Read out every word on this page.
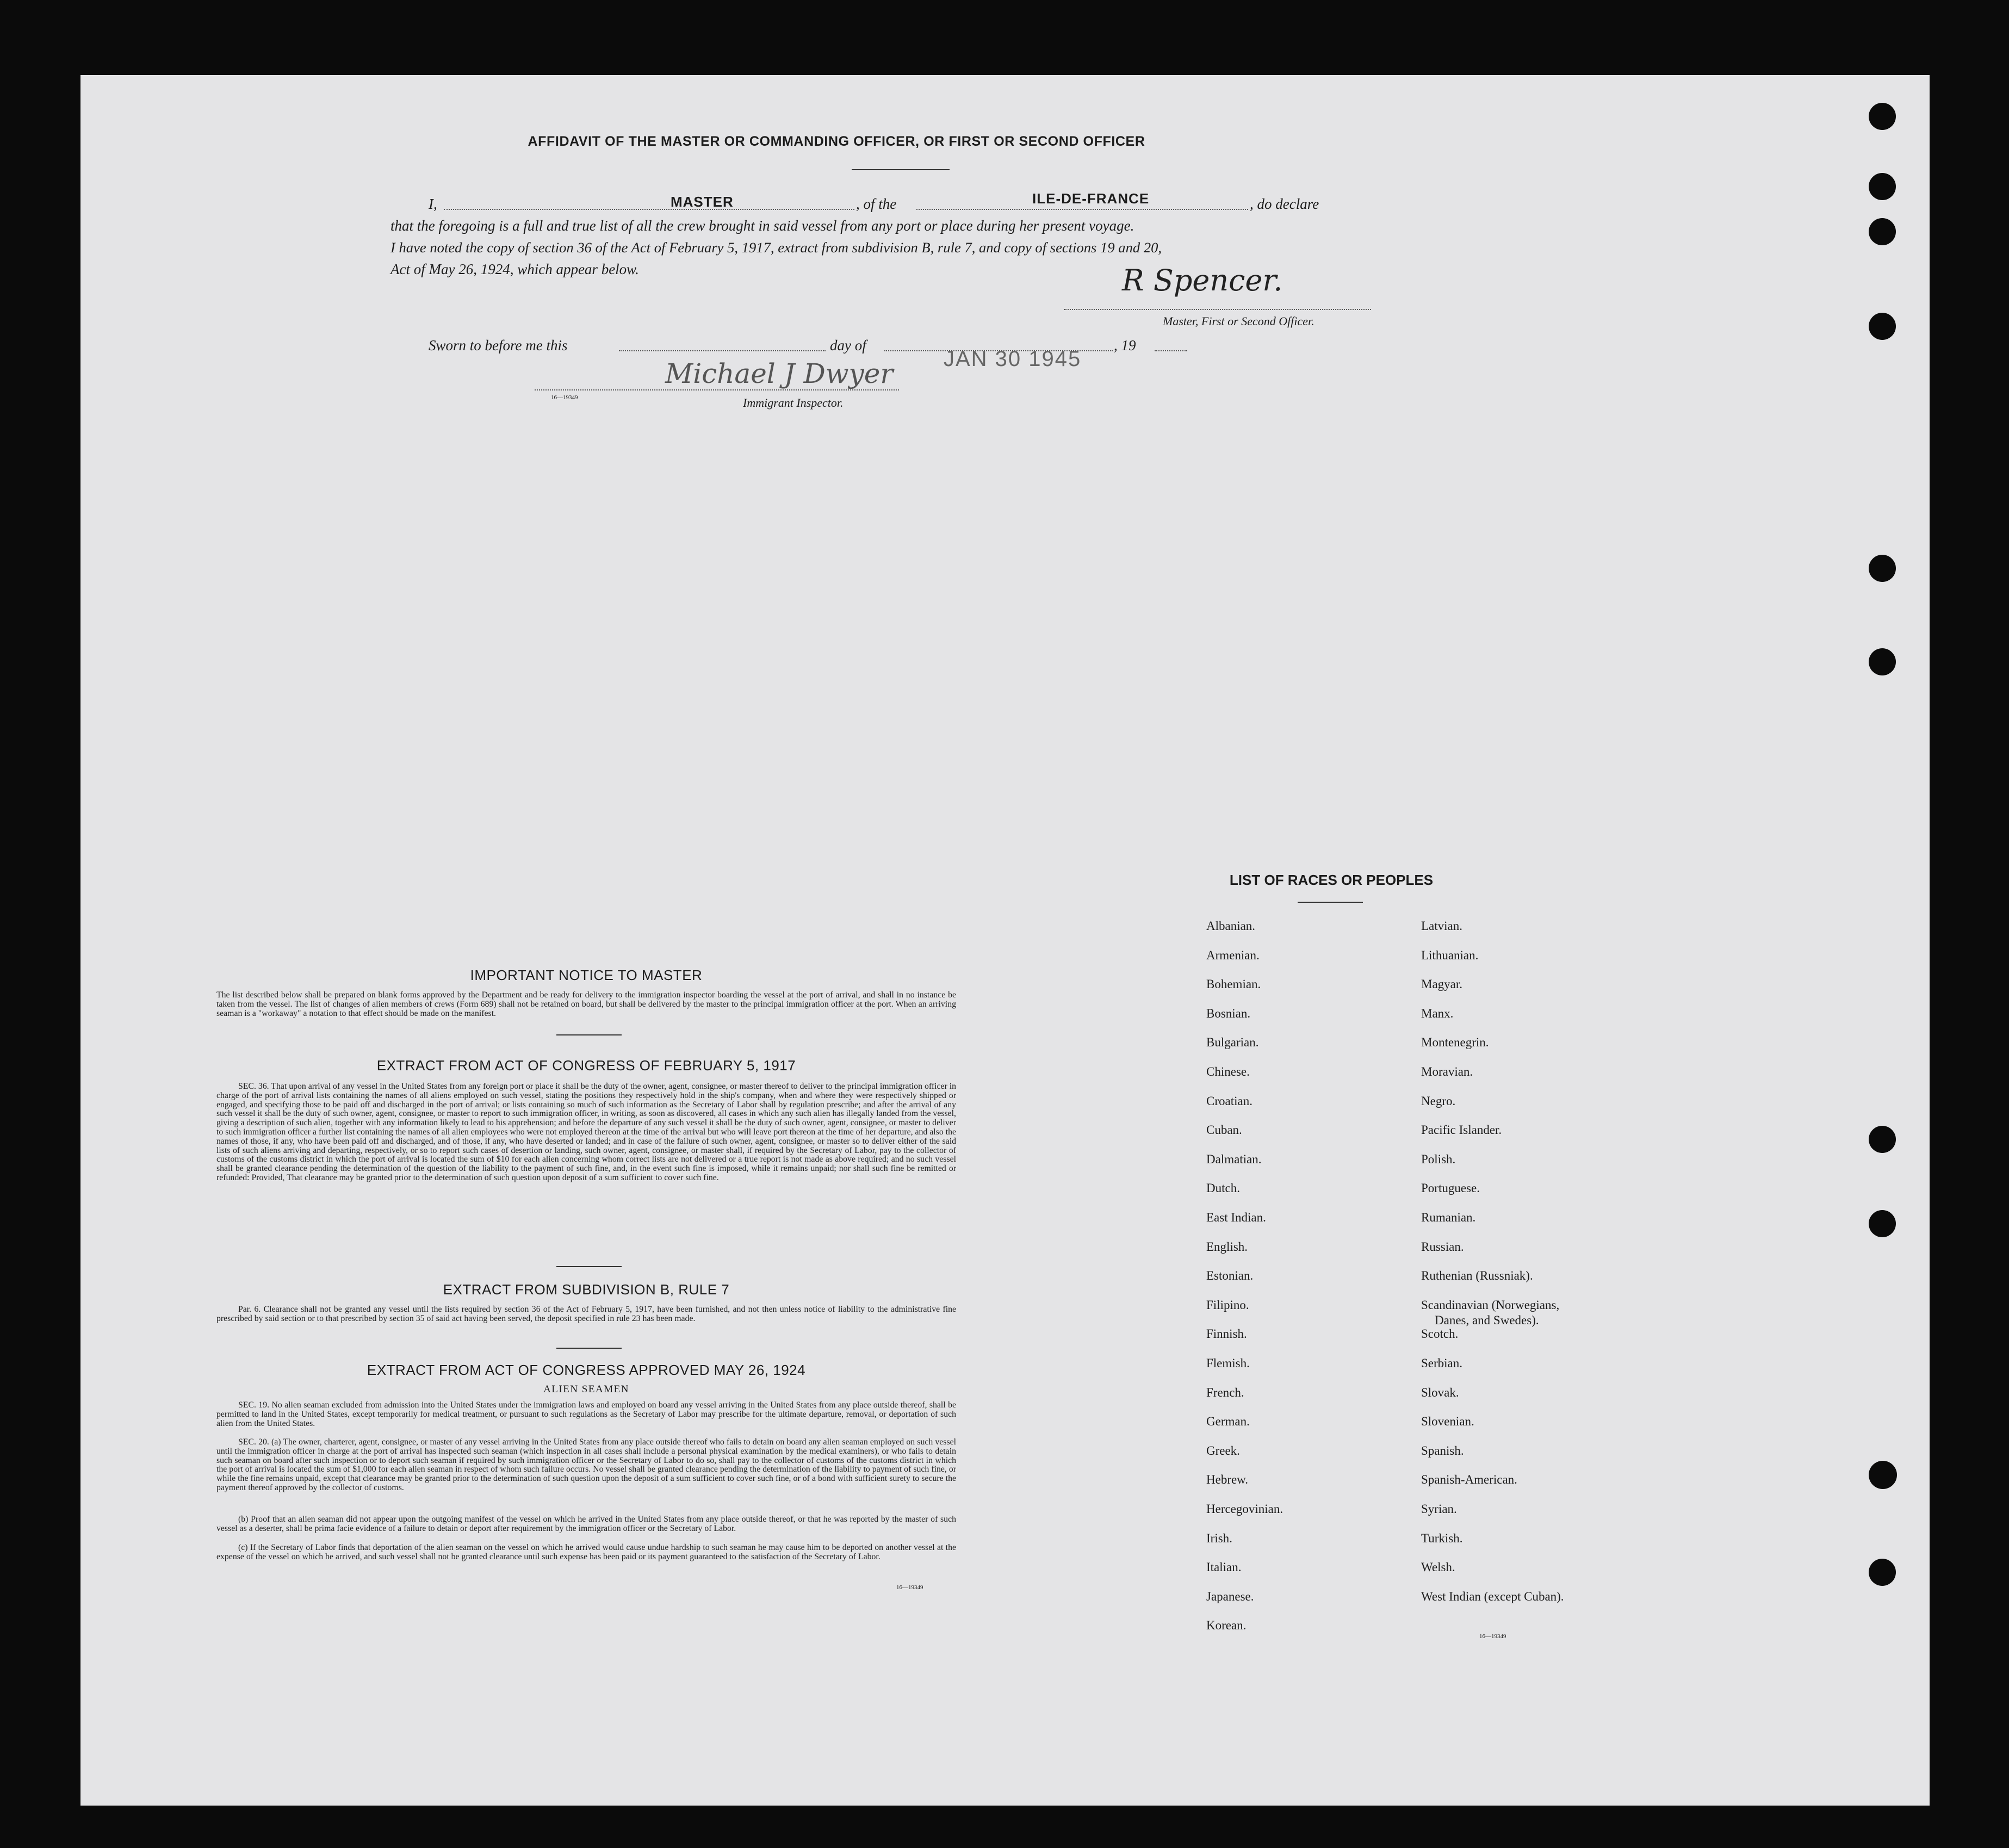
AFFIDAVIT OF THE MASTER OR COMMANDING OFFICER, OR FIRST OR SECOND OFFICER
I,	MASTER	, of the	ILE-DE-FRANCE	, do declare
that the foregoing is a full and true list of all the crew brought in said vessel from any port or place during her present voyage.
I have noted the copy of section 36 of the Act of February 5, 1917, extract from subdivision B, rule 7, and copy of sections 19 and 20,
Act of May 26, 1924, which appear below.	R Spencer.
Master, First or Second Officer.
Sworn to before me this	day of
JAN 30 1945
, 19
16—19349
Michael J Dwyer
Immigrant Inspector.
IMPORTANT NOTICE TO MASTER
The list described below shall be prepared on blank forms approved by the Department and be ready for delivery to the immigration inspector boarding the vessel at the port of arrival, and shall in no instance be taken from the vessel. The list of changes of alien members of crews (Form 689) shall not be retained on board, but shall be delivered by the master to the principal immigration officer at the port. When an arriving seaman is a "workaway" a notation to that effect should be made on the manifest.
EXTRACT FROM ACT OF CONGRESS OF FEBRUARY 5, 1917
SEC. 36. That upon arrival of any vessel in the United States from any foreign port or place it shall be the duty of the owner, agent, consignee, or master thereof to deliver to the principal immigration officer in charge of the port of arrival lists containing the names of all aliens employed on such vessel, stating the positions they respectively hold in the ship's company, when and where they were respectively shipped or engaged, and specifying those to be paid off and discharged in the port of arrival; or lists containing so much of such information as the Secretary of Labor shall by regulation prescribe; and after the arrival of any such vessel it shall be the duty of such owner, agent, consignee, or master to report to such immigration officer, in writing, as soon as discovered, all cases in which any such alien has illegally landed from the vessel, giving a description of such alien, together with any information likely to lead to his apprehension; and before the departure of any such vessel it shall be the duty of such owner, agent, consignee, or master to deliver to such immigration officer a further list containing the names of all alien employees who were not employed thereon at the time of the arrival but who will leave port thereon at the time of her departure, and also the names of those, if any, who have been paid off and discharged, and of those, if any, who have deserted or landed; and in case of the failure of such owner, agent, consignee, or master so to deliver either of the said lists of such aliens arriving and departing, respectively, or so to report such cases of desertion or landing, such owner, agent, consignee, or master shall, if required by the Secretary of Labor, pay to the collector of customs of the customs district in which the port of arrival is located the sum of $10 for each alien concerning whom correct lists are not delivered or a true report is not made as above required; and no such vessel shall be granted clearance pending the determination of the question of the liability to the payment of such fine, and, in the event such fine is imposed, while it remains unpaid; nor shall such fine be remitted or refunded: Provided, That clearance may be granted prior to the determination of such question upon deposit of a sum sufficient to cover such fine.
EXTRACT FROM SUBDIVISION B, RULE 7
Par. 6. Clearance shall not be granted any vessel until the lists required by section 36 of the Act of February 5, 1917, have been furnished, and not then unless notice of liability to the administrative fine prescribed by said section or to that prescribed by section 35 of said act having been served, the deposit specified in rule 23 has been made.
EXTRACT FROM ACT OF CONGRESS APPROVED MAY 26, 1924
ALIEN SEAMEN
SEC. 19. No alien seaman excluded from admission into the United States under the immigration laws and employed on board any vessel arriving in the United States from any place outside thereof, shall be permitted to land in the United States, except temporarily for medical treatment, or pursuant to such regulations as the Secretary of Labor may prescribe for the ultimate departure, removal, or deportation of such alien from the United States.
SEC. 20. (a) The owner, charterer, agent, consignee, or master of any vessel arriving in the United States from any place outside thereof who fails to detain on board any alien seaman employed on such vessel until the immigration officer in charge at the port of arrival has inspected such seaman (which inspection in all cases shall include a personal physical examination by the medical examiners), or who fails to detain such seaman on board after such inspection or to deport such seaman if required by such immigration officer or the Secretary of Labor to do so, shall pay to the collector of customs of the customs district in which the port of arrival is located the sum of $1,000 for each alien seaman in respect of whom such failure occurs. No vessel shall be granted clearance pending the determination of the liability to payment of such fine, or while the fine remains unpaid, except that clearance may be granted prior to the determination of such question upon the deposit of a sum sufficient to cover such fine, or of a bond with sufficient surety to secure the payment thereof approved by the collector of customs.
(b) Proof that an alien seaman did not appear upon the outgoing manifest of the vessel on which he arrived in the United States from any place outside thereof, or that he was reported by the master of such vessel as a deserter, shall be prima facie evidence of a failure to detain or deport after requirement by the immigration officer or the Secretary of Labor.
(c) If the Secretary of Labor finds that deportation of the alien seaman on the vessel on which he arrived would cause undue hardship to such seaman he may cause him to be deported on another vessel at the expense of the vessel on which he arrived, and such vessel shall not be granted clearance until such expense has been paid or its payment guaranteed to the satisfaction of the Secretary of Labor.
16—19349
LIST OF RACES OR PEOPLES
16—19349
Albanian.
Armenian.
Bohemian.
Bosnian.
Bulgarian.
Chinese.
Croatian.
Cuban.
Dalmatian.
Dutch.
East Indian.
English.
Estonian.
Filipino.
Finnish.
Flemish.
French.
German.
Greek.
Hebrew.
Hercegovinian.
Irish.
Italian.
Japanese.
Korean.
Latvian.
Lithuanian.
Magyar.
Manx.
Montenegrin.
Moravian.
Negro.
Pacific Islander.
Polish.
Portuguese.
Rumanian.
Russian.
Ruthenian (Russniak).
Scandinavian (Norwegians,
Danes, and Swedes).
Scotch.
Serbian.
Slovak.
Slovenian.
Spanish.
Spanish-American.
Syrian.
Turkish.
Welsh.
West Indian (except Cuban).
